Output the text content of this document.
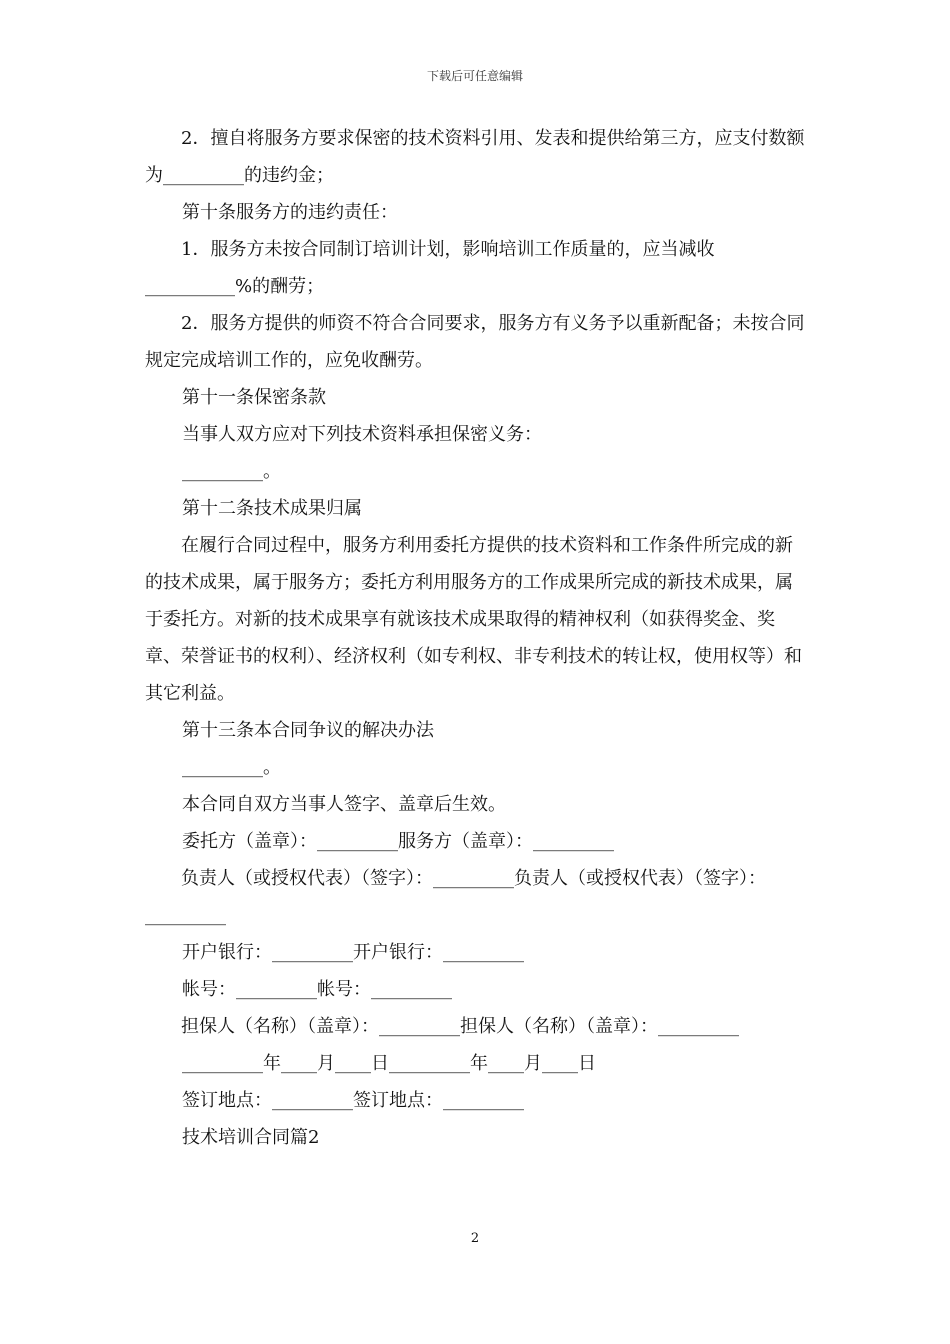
下载后可任意编辑

2．擅自将服务方要求保密的技术资料引用、发表和提供给第三方，应支付数额为_________的违约金；

第十条服务方的违约责任：

1．服务方未按合同制订培训计划，影响培训工作质量的，应当减收__________%的酬劳；

2．服务方提供的师资不符合合同要求，服务方有义务予以重新配备；未按合同规定完成培训工作的，应免收酬劳。

第十一条保密条款

当事人双方应对下列技术资料承担保密义务：

_________。

第十二条技术成果归属

在履行合同过程中，服务方利用委托方提供的技术资料和工作条件所完成的新的技术成果，属于服务方；委托方利用服务方的工作成果所完成的新技术成果，属于委托方。对新的技术成果享有就该技术成果取得的精神权利（如获得奖金、奖章、荣誉证书的权利）、经济权利（如专利权、非专利技术的转让权，使用权等）和其它利益。

第十三条本合同争议的解决办法

_________。

本合同自双方当事人签字、盖章后生效。

委托方（盖章）：_________服务方（盖章）：_________

负责人（或授权代表）（签字）：_________负责人（或授权代表）（签字）：_________

开户银行：_________开户银行：_________

帐号：_________帐号：_________

担保人（名称）（盖章）：_________担保人（名称）（盖章）：_________

_________年____月____日_________年____月____日

签订地点：_________签订地点：_________

技术培训合同篇2

2
